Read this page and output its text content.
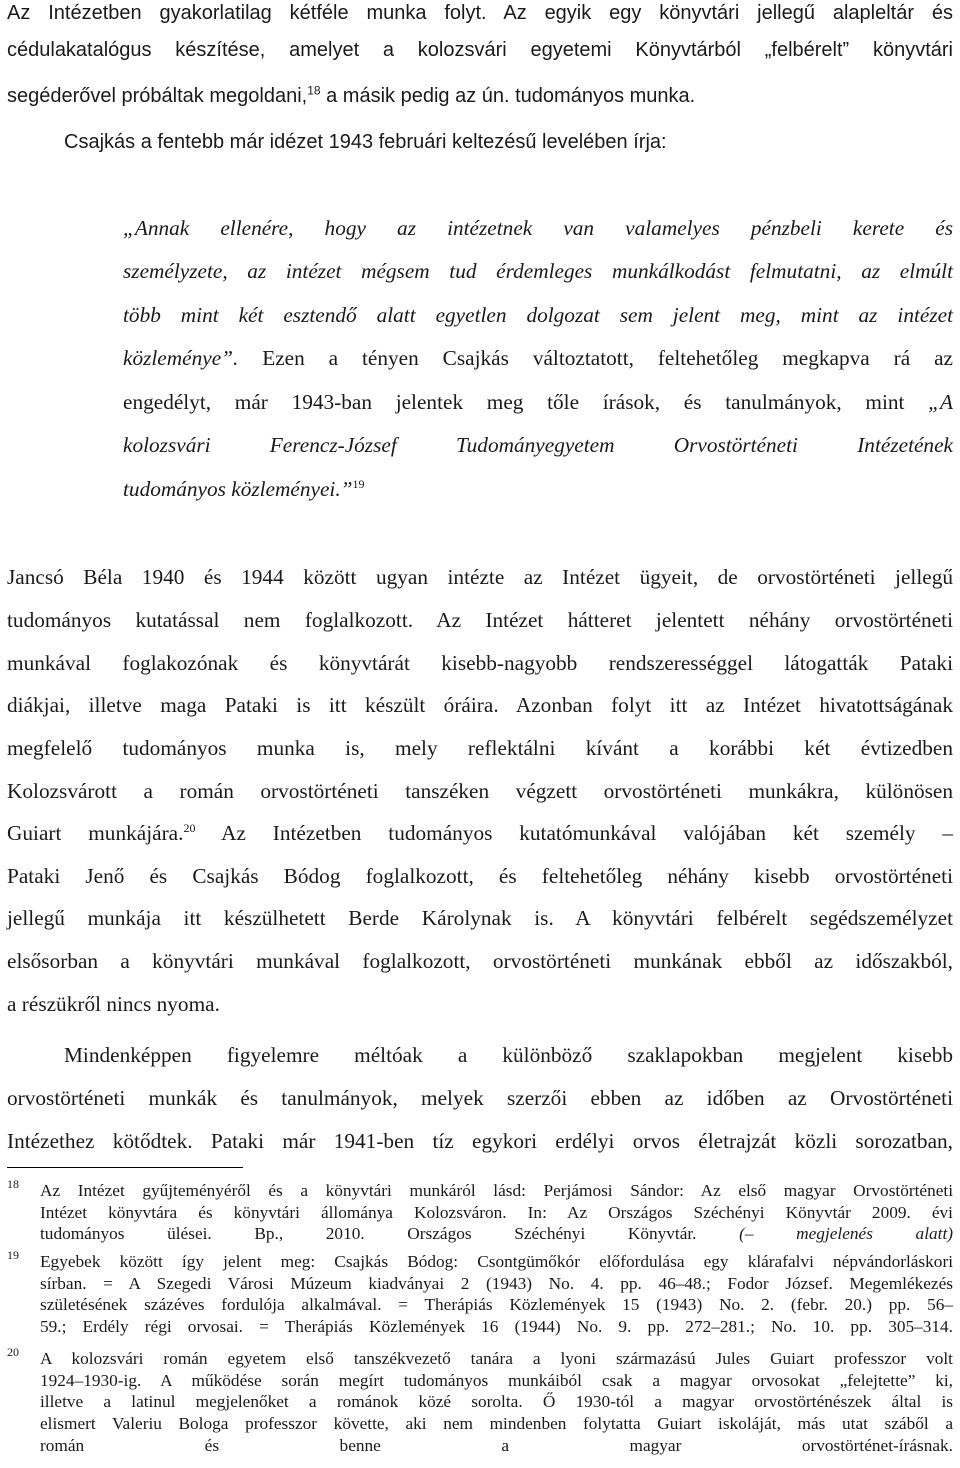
Az Intézetben gyakorlatilag kétféle munka folyt. Az egyik egy könyvtári jellegű alapleltár és
cédulakatalógus készítése, amelyet a kolozsvári egyetemi Könyvtárból „felbérelt” könyvtári
segéderővel próbáltak megoldani,$^{18}$ a másik pedig az ún. tudományos munka.
Csajkás a fentebb már idézet 1943 februári keltezésű levelében írja:
„Annak ellenére, hogy az intézetnek van valamelyes pénzbeli kerete és
személyzete, az intézet mégsem tud érdemleges munkálkodást felmutatni, az elmúlt
több mint két esztendő alatt egyetlen dolgozat sem jelent meg, mint az intézet
közleménye”. Ezen a tényen Csajkás változtatott, feltehetőleg megkapva rá az
engedélyt, már 1943-ban jelentek meg tőle írások, és tanulmányok, mint „A
kolozsvári Ferencz-József Tudományegyetem Orvostörténeti Intézetének
tudományos közleményei.”$^{19}$
Jancsó Béla 1940 és 1944 között ugyan intézte az Intézet ügyeit, de orvostörténeti jellegű
tudományos kutatással nem foglalkozott. Az Intézet hátteret jelentett néhány orvostörténeti
munkával foglakozónak és könyvtárát kisebb-nagyobb rendszerességgel látogatták Pataki
diákjai, illetve maga Pataki is itt készült óráira. Azonban folyt itt az Intézet hivatottságának
megfelelő tudományos munka is, mely reflektálni kívánt a korábbi két évtizedben
Kolozsvárott a román orvostörténeti tanszéken végzett orvostörténeti munkákra, különösen
Guiart munkájára.$^{20}$ Az Intézetben tudományos kutatómunkával valójában két személy –
Pataki Jenő és Csajkás Bódog foglalkozott, és feltehetőleg néhány kisebb orvostörténeti
jellegű munkája itt készülhetett Berde Károlynak is. A könyvtári felbérelt segédszemélyzet
elsősorban a könyvtári munkával foglalkozott, orvostörténeti munkának ebből az időszakból,
a részükről nincs nyoma.
Mindenképpen figyelemre méltóak a különböző szaklapokban megjelent kisebb
orvostörténeti munkák és tanulmányok, melyek szerzői ebben az időben az Orvostörténeti
Intézethez kötődtek. Pataki már 1941-ben tíz egykori erdélyi orvos életrajzát közli sorozatban,
18 Az Intézet gyűjteményéről és a könyvtári munkáról lásd: Perjámosi Sándor: Az első magyar Orvostörténeti
Intézet könyvtára és könyvtári állománya Kolozsváron. In: Az Országos Széchényi Könyvtár 2009. évi
tudományos ülései. Bp., 2010. Országos Széchényi Könyvtár. (– megjelenés alatt)
19 Egyebek között így jelent meg: Csajkás Bódog: Csontgümőkór előfordulása egy klárafalvi népvándorláskori
sírban. = A Szegedi Városi Múzeum kiadványai 2 (1943) No. 4. pp. 46–48.; Fodor József. Megemlékezés
születésének százéves fordulója alkalmával. = Therápiás Közlemények 15 (1943) No. 2. (febr. 20.) pp. 56–
59.; Erdély régi orvosai. = Therápiás Közlemények 16 (1944) No. 9. pp. 272–281.; No. 10. pp. 305–314.
20 A kolozsvári román egyetem első tanszékvezető tanára a lyoni származású Jules Guiart professzor volt
1924–1930-ig. A működése során megírt tudományos munkáiból csak a magyar orvosokat „felejtette” ki,
illetve a latinul megjelenőket a románok közé sorolta. Ő 1930-tól a magyar orvostörténészek által is
elismert Valeriu Bologa professzor követte, aki nem mindenben folytatta Guiart iskoláját, más utat száből a
román és benne a magyar orvostörténet-írásnak.
